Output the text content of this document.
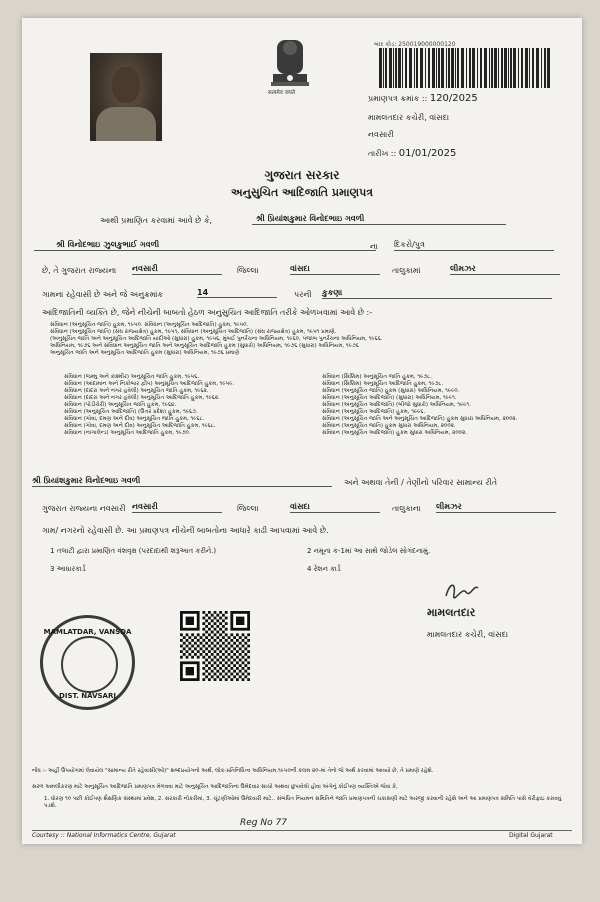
सत्यमेव जयते
બાર કોડ: 250019000000120
પ્રમાણપત્ર ક્રમાંક :: 120/2025
મામલતદાર કચેરી, વાંસદા
નવસારી
તારીખ :: 01/01/2025
ગુજરાત સરકાર
અનુસુચિત આદિજાતિ પ્રમાણપત્ર
આથી પ્રમાણિત કરવામાં આવે છે કે,	શ્રી પ્રિયાંશકુમાર વિનોદભાઇ ગવળી
શ્રી વિનોદભાઇ ઝુલકુભાઈ ગવળી	ના દિકરો/પુત્ર
છે, તે ગુજરાત રાજ્યના નવસારી	જિલ્લા	વાંસદા	તાલુકામાં	લીમઝર
ગામના રહેવાસી છે અને જે અનુક્રમાંક	14	પરની કુકણા
આદિજાતિની વ્યક્તિ છે, જેને નીચેની બાબતો હેઠળ અનુસુચિત આદિજાતિ તરીકે ઓળખવામાં આવે છે :-
સંવિધાન (અનુસૂચિત જાતિ) હુકમ, ૧૯૫૦. સંવિધાન (અનુસૂચિત આદિજાતિ) હુકમ, ૧૯૫૦.
સંવિધાન (અનુસૂચિત જાતિ) (સંઘ રાજયક્ષેત્ર) હુકમ, ૧૯૫૧, સંવિધાન (અનુસૂચિત આદિજાતિ) (સંઘ રાજયક્ષેત્ર) હુકમ, ૧૯૫૧ પ્રમાણે.
(અનુસૂચિત જાતિ અને અનુસૂચિત આદિજાતિ યાદીઓ (સુધારા) હુકમ, ૧૯૫૬, મુંબઈ પુનર્રચના અધિનિયમ, ૧૯૬૦, પંજાબ પુનર્રચના અધિનિયમ, ૧૯૬૬.
અધિનિયમ, ૧૯૭૬ અને સંવિધાન અનુસૂચિત જાતિ અને અનુસૂચિત આદિજાતિ હુકમ (સુધારો) અધિનિયમ, ૧૯૭૬ (સુધારા) અધિનિયમ, ૧૯૭૬
અનુસૂચિત જાતિ અને અનુસૂચિત આદિજાતિ હુકમ (સુધારા) અધિનિયમ, ૧૯૭૬ પ્રમાણે
સંવિધાન (જમ્મુ અને કાશ્મીર) અનુસૂચિત જાતિ હુકમ, ૧૯૫૬.
સંવિધાન (આંદામાન અને નિકોબાર દ્વીપ) અનુસૂચિત આદિજાતિ હુકમ, ૧૯૫૯.
સંવિધાન (દાદરા અને નગર હવેલી) અનુસૂચિત જાતિ હુકમ, ૧૯૬૨.
સંવિધાન (દાદરા અને નગર હવેલી) અનુસૂચિત આદિજાતિ હુકમ, ૧૯૬૨.
સંવિધાન (પોંડીચેરી) અનુસૂચિત જાતિ હુકમ, ૧૯૬૪.
સંવિધાન (અનુસૂચિત આદિજાતિ) (ઉત્તર પ્રદેશ) હુકમ, ૧૯૬૭.
સંવિધાન (ગોવા, દમણ અને દીવ) અનુસૂચિત જાતિ હુકમ, ૧૯૬૮.
સંવિધાન (ગોવા, દમણ અને દીવ) અનુસૂચિત આદિજાતિ હુકમ, ૧૯૬૮.
સંવિધાન (નાગાલેન્ડ) અનુસૂચિત આદિજાતિ હુકમ, ૧૯૭૦.
સંવિધાન (સિક્કિમ) અનુસૂચિત જાતિ હુકમ, ૧૯૭૮.
સંવિધાન (સિક્કિમ) અનુસૂચિત આદિજાતિ હુકમ, ૧૯૭૮.
સંવિધાન (અનુસૂચિત જાતિ) હુકમ (સુધારા) અધિનિયમ, ૧૯૯૦.
સંવિધાન (અનુસૂચિત આદિજાતિ) (સુધારા) અધિનિયમ, ૧૯૯૧.
સંવિધાન (અનુસૂચિત આદિજાતિ) (બીજો સુધારો) અધિનિયમ, ૧૯૯૧.
સંવિધાન (અનુસૂચિત આદિજાતિ) હુકમ, ૧૯૯૬.
સંવિધાન (અનુસૂચિત જાતિ અને અનુસૂચિત આદિજાતિ) હુકમ સુધારા અધિનિયમ, ૨૦૦૨.
સંવિધાન (અનુસૂચિત જાતિ) હુકમ સુધારા અધિનિયમ, ૨૦૦૨.
સંવિધાન (અનુસૂચિત આદિજાતિ) હુકમ સુધારા અધિનિયમ, ૨૦૦૨.
શ્રી પ્રિયાંશકુમાર વિનોદભાઇ ગવળી	અને અથવા તેની / તેણીનો પરિવાર સામાન્ય રીતે
ગુજરાત રાજ્યના નવસારી નવસારી	જિલ્લા	વાંસદા	તાલુકાના લીમઝર
ગામ/ નગરનો રહેવાસી છે. આ પ્રમાણપત્ર નીચેની બાબતોના આધારે કાઢી આપવામાં આવે છે.
1 તલાટી દ્વારા પ્રમાણિત વંશવૃક્ષ (પરદાદાથી શરૂઆત કરીને.)	2 નમૂના ક-1માં આ સાથે જોડેલ સોગંદનામું.
3 આધારકાર્ડ	4 રેશન કાર્ડ
MAMLATDAR, VANSDA
DIST. NAVSARI
મામલતદાર
મામલતદાર કચેરી, વાંસદા
નોંધ :- અહીં ઉપયોગમાં લેવાયેલ "સામાન્ય રીતે રહેવાસી(ઓ)" શબ્દપ્રયોગનો અર્થ, લોક-પ્રતિનિધિત્વ અધિનિયમ,૧૯૫૦ની કલમ ૨૦-માં તેનો જે અર્થ કરવામાં આવ્યો છે, તે પ્રમાણે રહેશે.
સરળ અમલીકરણ માટે અનુસૂચિત આદિજાતિ પ્રમાણપત્ર મેળવવા માટે અનુસૂચિત આદિજાતિના ઉમેદવાર સાચો અથવા છુપાવેલો હોવા અંગેનું કોઈપણ વ્યક્તિએ જેવા કે,
1. ધોરણ ૧૦ પછી કોઈપણ શૈક્ષણિક સંસ્થામાં પ્રવેશ, 2. સરકારી નોકરીમાં, 3. ચૂંટણીઓમાં ઉમેદવારી માટે.. સંબંધિત નિયમન સમિતિને જાતિ પ્રમાણપત્રની ચકાસણી માટે અરજી કરવાની રહેશે અને આ પ્રમાણપત્ર સમિતિ પાસે વેરીફાઇ કરાવવું પડશે.
Reg No 77
Courtesy :: National Informatics Centre, Gujarat	Digital Gujarat
